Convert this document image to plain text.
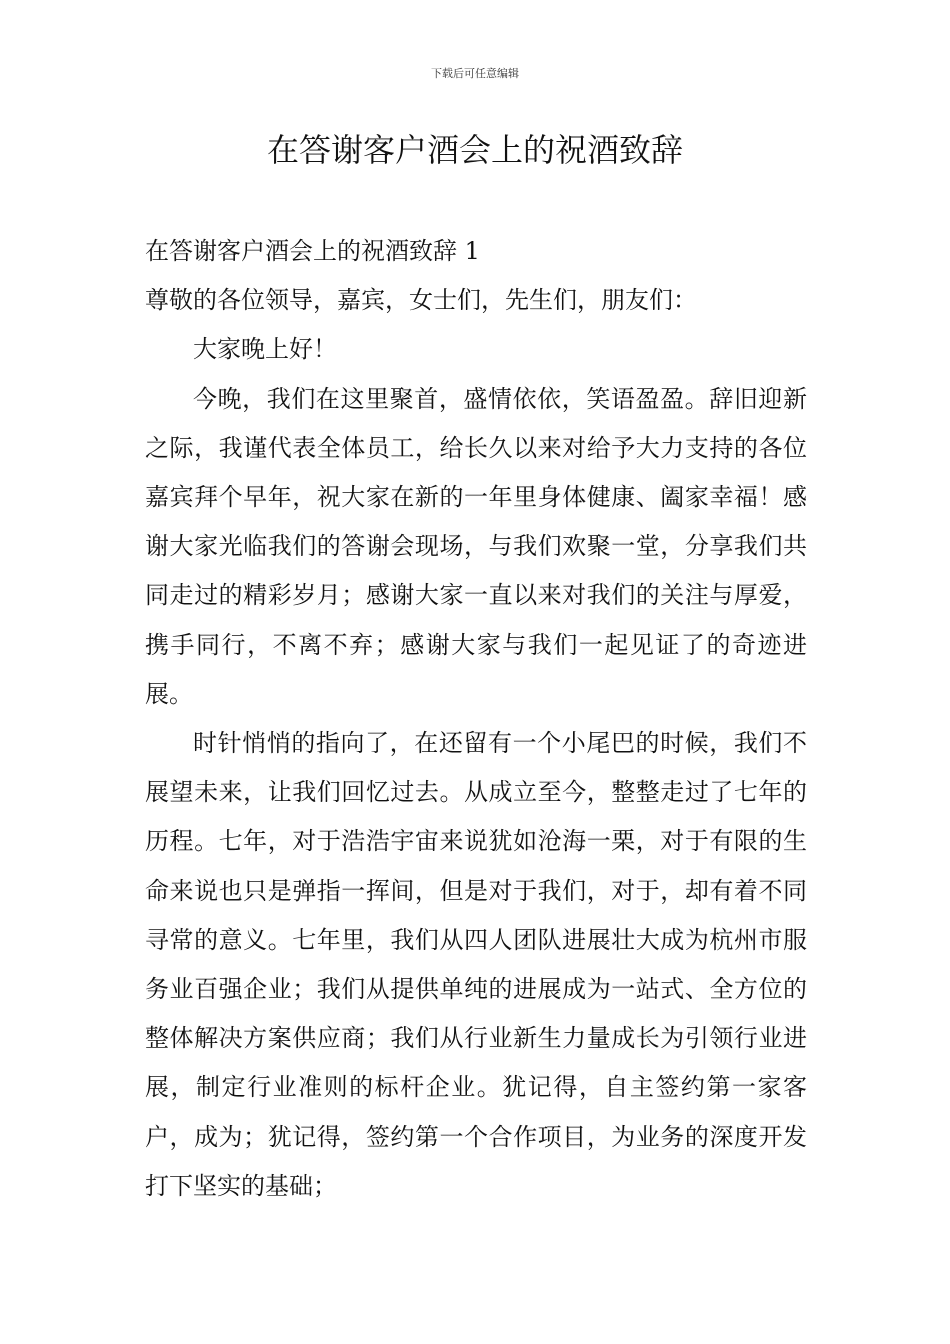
下载后可任意编辑
在答谢客户酒会上的祝酒致辞

在答谢客户酒会上的祝酒致辞 1

尊敬的各位领导，嘉宾，女士们，先生们，朋友们：

大家晚上好！

今晚，我们在这里聚首，盛情依依，笑语盈盈。辞旧迎新之际，我谨代表全体员工，给长久以来对给予大力支持的各位嘉宾拜个早年，祝大家在新的一年里身体健康、阖家幸福！感谢大家光临我们的答谢会现场，与我们欢聚一堂，分享我们共同走过的精彩岁月；感谢大家一直以来对我们的关注与厚爱，携手同行，不离不弃；感谢大家与我们一起见证了的奇迹进展。

时针悄悄的指向了，在还留有一个小尾巴的时候，我们不展望未来，让我们回忆过去。从成立至今，整整走过了七年的历程。七年，对于浩浩宇宙来说犹如沧海一栗，对于有限的生命来说也只是弹指一挥间，但是对于我们，对于，却有着不同寻常的意义。七年里，我们从四人团队进展壮大成为杭州市服务业百强企业；我们从提供单纯的进展成为一站式、全方位的整体解决方案供应商；我们从行业新生力量成长为引领行业进展，制定行业准则的标杆企业。犹记得，自主签约第一家客户，成为；犹记得，签约第一个合作项目，为业务的深度开发打下坚实的基础；
